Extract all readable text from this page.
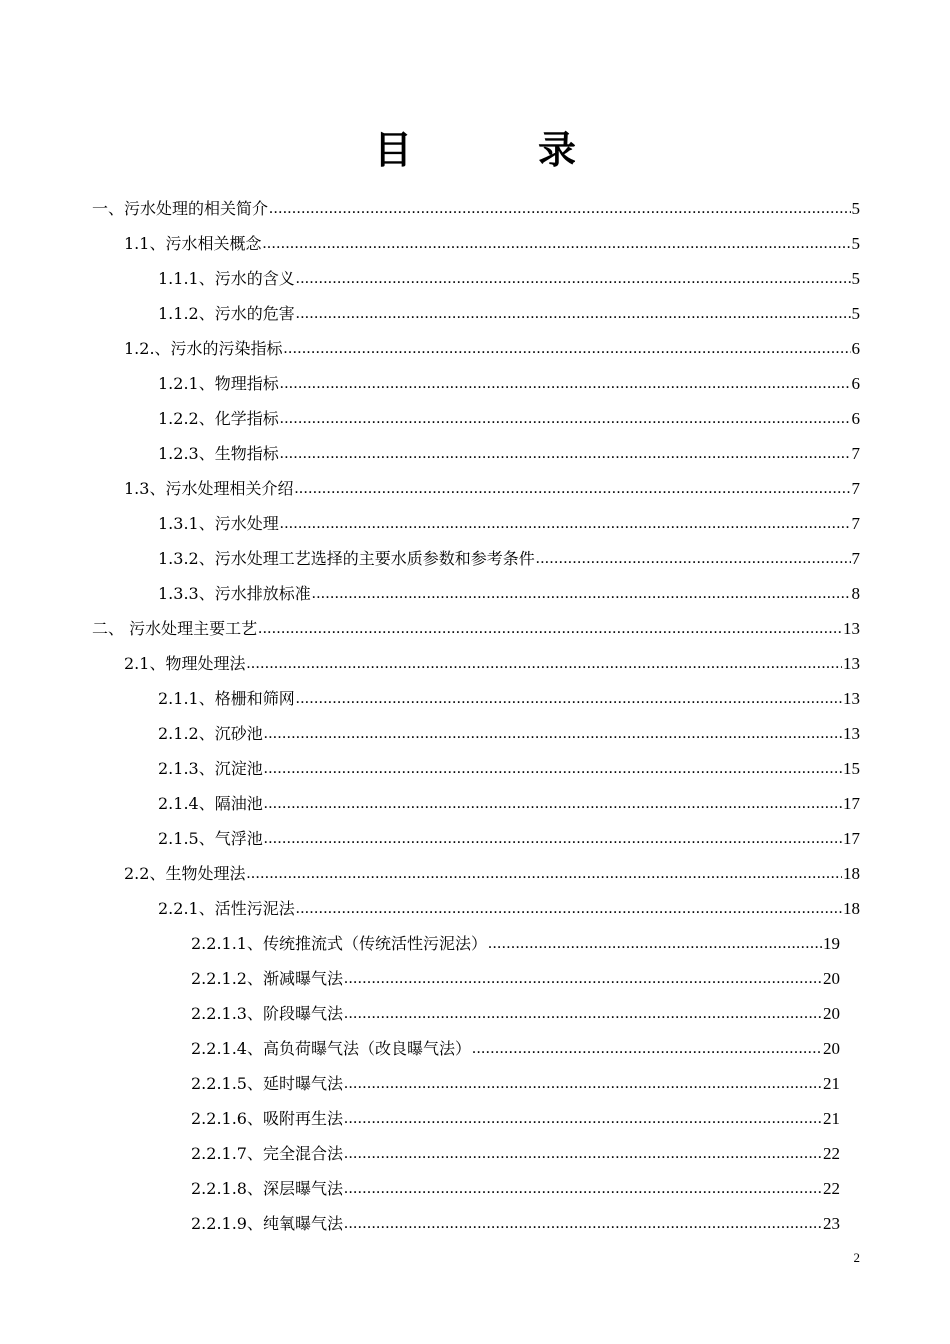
目　录
一、污水处理的相关简介 .....	5
1.1、污水相关概念 .....	5
1.1.1、污水的含义 .....	5
1.1.2、污水的危害 .....	5
1.2.、污水的污染指标 .....	6
1.2.1、物理指标 .....	6
1.2.2、化学指标 .....	6
1.2.3、生物指标 .....	7
1.3、污水处理相关介绍 .....	7
1.3.1、污水处理 .....	7
1.3.2、污水处理工艺选择的主要水质参数和参考条件 .....	7
1.3.3、污水排放标准 .....	8
二、 污水处理主要工艺 .....	13
2.1、物理处理法 .....	13
2.1.1、格栅和筛网 .....	13
2.1.2、沉砂池 .....	13
2.1.3、沉淀池 .....	15
2.1.4、隔油池 .....	17
2.1.5、气浮池 .....	17
2.2、生物处理法 .....	18
2.2.1、活性污泥法 .....	18
2.2.1.1、传统推流式（传统活性污泥法） .....	19
2.2.1.2、渐减曝气法 .....	20
2.2.1.3、阶段曝气法 .....	20
2.2.1.4、高负荷曝气法（改良曝气法） .....	20
2.2.1.5、延时曝气法 .....	21
2.2.1.6、吸附再生法 .....	21
2.2.1.7、完全混合法 .....	22
2.2.1.8、深层曝气法 .....	22
2.2.1.9、纯氧曝气法 .....	23
2
